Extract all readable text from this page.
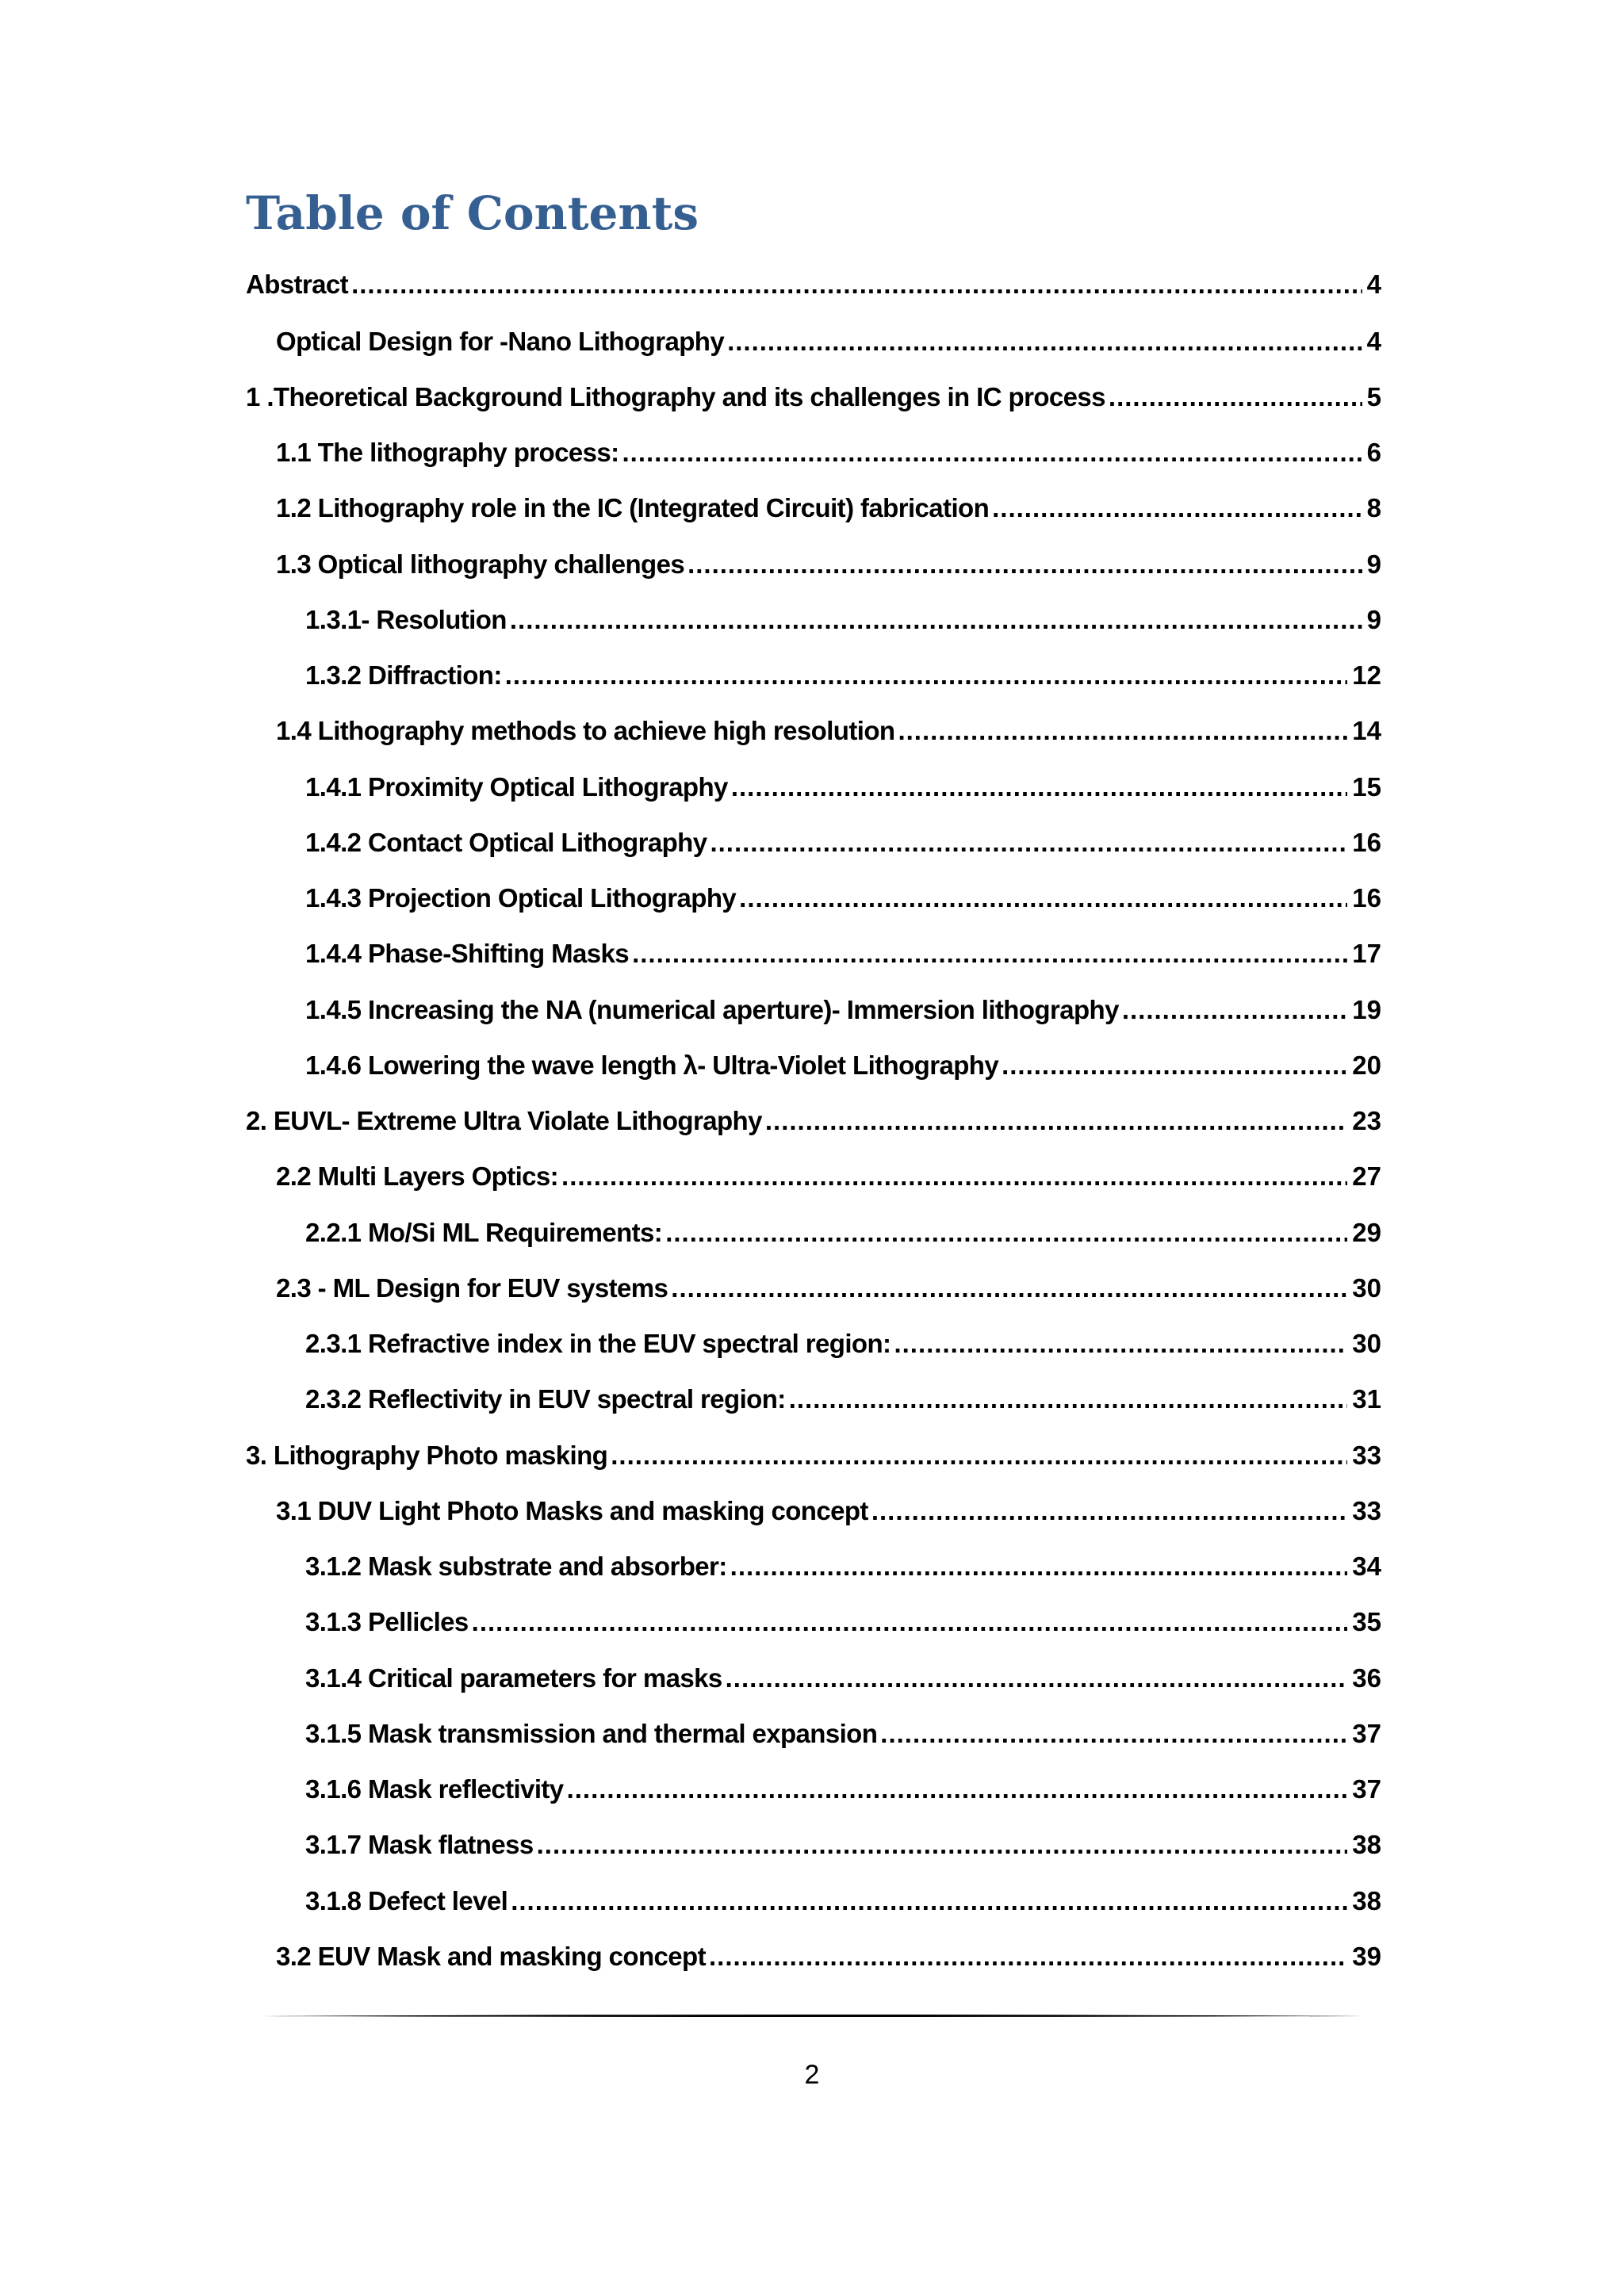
Table of Contents
Abstract .....	4
Optical Design for -Nano Lithography .....	4
1 .Theoretical Background Lithography and its challenges in IC process .....	5
1.1 The lithography process: .....	6
1.2 Lithography role in the IC (Integrated Circuit) fabrication .....	8
1.3 Optical lithography challenges .....	9
1.3.1- Resolution .....	9
1.3.2 Diffraction: .....	12
1.4 Lithography methods to achieve high resolution .....	14
1.4.1 Proximity Optical Lithography .....	15
1.4.2 Contact Optical Lithography .....	16
1.4.3 Projection Optical Lithography .....	16
1.4.4 Phase-Shifting Masks .....	17
1.4.5 Increasing the NA (numerical aperture)- Immersion lithography .....	19
1.4.6 Lowering the wave length λ- Ultra-Violet Lithography .....	20
2. EUVL- Extreme Ultra Violate Lithography .....	23
2.2 Multi Layers Optics: .....	27
2.2.1 Mo/Si ML Requirements: .....	29
2.3 - ML Design for EUV systems .....	30
2.3.1 Refractive index in the EUV spectral region: .....	30
2.3.2 Reflectivity in EUV spectral region: .....	31
3. Lithography Photo masking .....	33
3.1 DUV Light Photo Masks and masking concept .....	33
3.1.2 Mask substrate and absorber: .....	34
3.1.3 Pellicles .....	35
3.1.4 Critical parameters for masks .....	36
3.1.5 Mask transmission and thermal expansion .....	37
3.1.6 Mask reflectivity .....	37
3.1.7 Mask flatness .....	38
3.1.8 Defect level .....	38
3.2 EUV Mask and masking concept .....	39
2
